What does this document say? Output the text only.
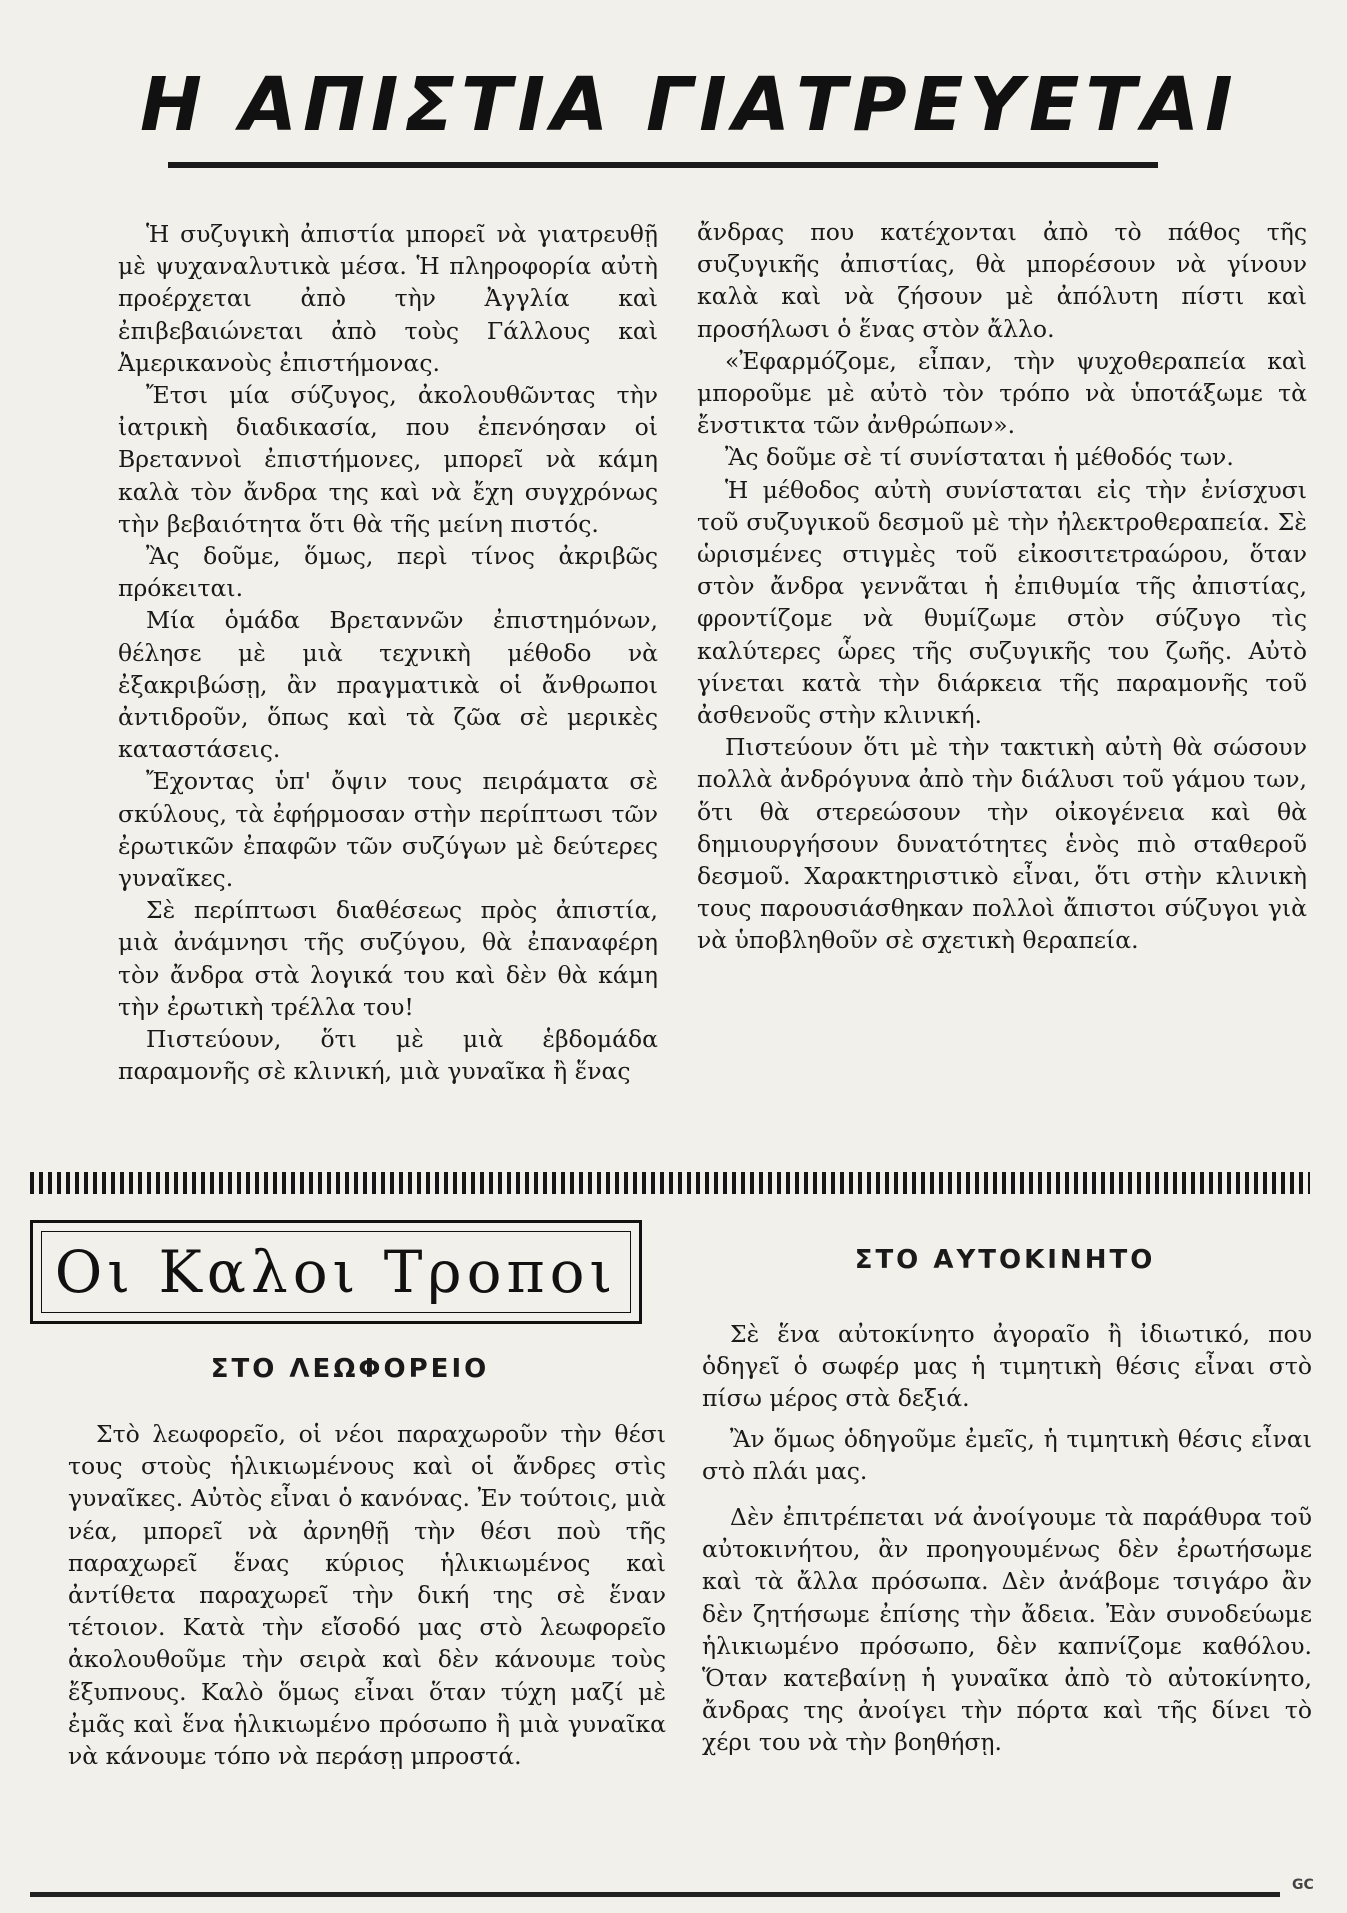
Η ΑΠΙΣΤΙΑ ΓΙΑΤΡΕΥΕΤΑΙ

Ἡ συζυγικὴ ἀπιστία μπορεῖ νὰ γιατρευθῇ μὲ ψυχαναλυτικὰ μέσα. Ἡ πληροφορία αὐτὴ προέρχεται ἀπὸ τὴν Ἀγγλία καὶ ἐπιβεβαιώνεται ἀπὸ τοὺς Γάλλους καὶ Ἀμερικανοὺς ἐπιστήμονας.

Ἔτσι μία σύζυγος, ἀκολουθῶντας τὴν ἰατρικὴ διαδικασία, που ἐπενόησαν οἱ Βρεταννοὶ ἐπιστήμονες, μπορεῖ νὰ κάμη καλὰ τὸν ἄνδρα της καὶ νὰ ἔχη συγχρόνως τὴν βεβαιότητα ὅτι θὰ τῆς μείνη πιστός.

Ἂς δοῦμε, ὅμως, περὶ τίνος ἀκριβῶς πρόκειται.

Μία ὁμάδα Βρεταννῶν ἐπιστημόνων, θέλησε μὲ μιὰ τεχνικὴ μέθοδο νὰ ἐξακριβώσῃ, ἂν πραγματικὰ οἱ ἄνθρωποι ἀντιδροῦν, ὅπως καὶ τὰ ζῶα σὲ μερικὲς καταστάσεις.

Ἔχοντας ὑπ' ὄψιν τους πειράματα σὲ σκύλους, τὰ ἐφήρμοσαν στὴν περίπτωσι τῶν ἐρωτικῶν ἐπαφῶν τῶν συζύγων μὲ δεύτερες γυναῖκες.

Σὲ περίπτωσι διαθέσεως πρὸς ἀπιστία, μιὰ ἀνάμνησι τῆς συζύγου, θὰ ἐπαναφέρη τὸν ἄνδρα στὰ λογικά του καὶ δὲν θὰ κάμη τὴν ἐρωτικὴ τρέλλα του!

Πιστεύουν, ὅτι μὲ μιὰ ἑβδομάδα παραμονῆς σὲ κλινική, μιὰ γυναῖκα ἢ ἕνας

ἄνδρας που κατέχονται ἀπὸ τὸ πάθος τῆς συζυγικῆς ἀπιστίας, θὰ μπορέσουν νὰ γίνουν καλὰ καὶ νὰ ζήσουν μὲ ἀπόλυτη πίστι καὶ προσήλωσι ὁ ἕνας στὸν ἄλλο.

«Ἐφαρμόζομε, εἶπαν, τὴν ψυχοθεραπεία καὶ μποροῦμε μὲ αὐτὸ τὸν τρόπο νὰ ὑποτάξωμε τὰ ἔνστικτα τῶν ἀνθρώπων».

Ἂς δοῦμε σὲ τί συνίσταται ἡ μέθοδός των.

Ἡ μέθοδος αὐτὴ συνίσταται εἰς τὴν ἐνίσχυσι τοῦ συζυγικοῦ δεσμοῦ μὲ τὴν ἠλεκτροθεραπεία. Σὲ ὡρισμένες στιγμὲς τοῦ εἰκοσιτετραώρου, ὅταν στὸν ἄνδρα γεννᾶται ἡ ἐπιθυμία τῆς ἀπιστίας, φροντίζομε νὰ θυμίζωμε στὸν σύζυγο τὶς καλύτερες ὧρες τῆς συζυγικῆς του ζωῆς. Αὐτὸ γίνεται κατὰ τὴν διάρκεια τῆς παραμονῆς τοῦ ἀσθενοῦς στὴν κλινική.

Πιστεύουν ὅτι μὲ τὴν τακτικὴ αὐτὴ θὰ σώσουν πολλὰ ἀνδρόγυνα ἀπὸ τὴν διάλυσι τοῦ γάμου των, ὅτι θὰ στερεώσουν τὴν οἰκογένεια καὶ θὰ δημιουργήσουν δυνατότητες ἑνὸς πιὸ σταθεροῦ δεσμοῦ. Χαρακτηριστικὸ εἶναι, ὅτι στὴν κλινικὴ τους παρουσιάσθηκαν πολλοὶ ἄπιστοι σύζυγοι γιὰ νὰ ὑποβληθοῦν σὲ σχετικὴ θεραπεία.

Οι Καλοι Τροποι
ΣΤΟ ΛΕΩΦΟΡΕΙΟ

Στὸ λεωφορεῖο, οἱ νέοι παραχωροῦν τὴν θέσι τους στοὺς ἡλικιωμένους καὶ οἱ ἄνδρες στὶς γυναῖκες. Αὐτὸς εἶναι ὁ κανόνας. Ἐν τούτοις, μιὰ νέα, μπορεῖ νὰ ἀρνηθῇ τὴν θέσι ποὺ τῆς παραχωρεῖ ἕνας κύριος ἡλικιωμένος καὶ ἀντίθετα παραχωρεῖ τὴν δική της σὲ ἕναν τέτοιον. Κατὰ τὴν εἴσοδό μας στὸ λεωφορεῖο ἀκολουθοῦμε τὴν σειρὰ καὶ δὲν κάνουμε τοὺς ἔξυπνους. Καλὸ ὅμως εἶναι ὅταν τύχη μαζί μὲ ἐμᾶς καὶ ἕνα ἡλικιωμένο πρόσωπο ἢ μιὰ γυναῖκα νὰ κάνουμε τόπο νὰ περάσῃ μπροστά.

ΣΤΟ ΑΥΤΟΚΙΝΗΤΟ

Σὲ ἕνα αὐτοκίνητο ἀγοραῖο ἢ ἰδιωτικό, που ὁδηγεῖ ὁ σωφέρ μας ἡ τιμητικὴ θέσις εἶναι στὸ πίσω μέρος στὰ δεξιά.

Ἂν ὅμως ὁδηγοῦμε ἐμεῖς, ἡ τιμητικὴ θέσις εἶναι στὸ πλάι μας.

Δὲν ἐπιτρέπεται νά ἀνοίγουμε τὰ παράθυρα τοῦ αὐτοκινήτου, ἂν προηγουμένως δὲν ἐρωτήσωμε καὶ τὰ ἄλλα πρόσωπα. Δὲν ἀνάβομε τσιγάρο ἂν δὲν ζητήσωμε ἐπίσης τὴν ἄδεια. Ἐὰν συνοδεύωμε ἡλικιωμένο πρόσωπο, δὲν καπνίζομε καθόλου. Ὅταν κατεβαίνῃ ἡ γυναῖκα ἀπὸ τὸ αὐτοκίνητο, ἄνδρας της ἀνοίγει τὴν πόρτα καὶ τῆς δίνει τὸ χέρι του νὰ τὴν βοηθήσῃ.

GC
